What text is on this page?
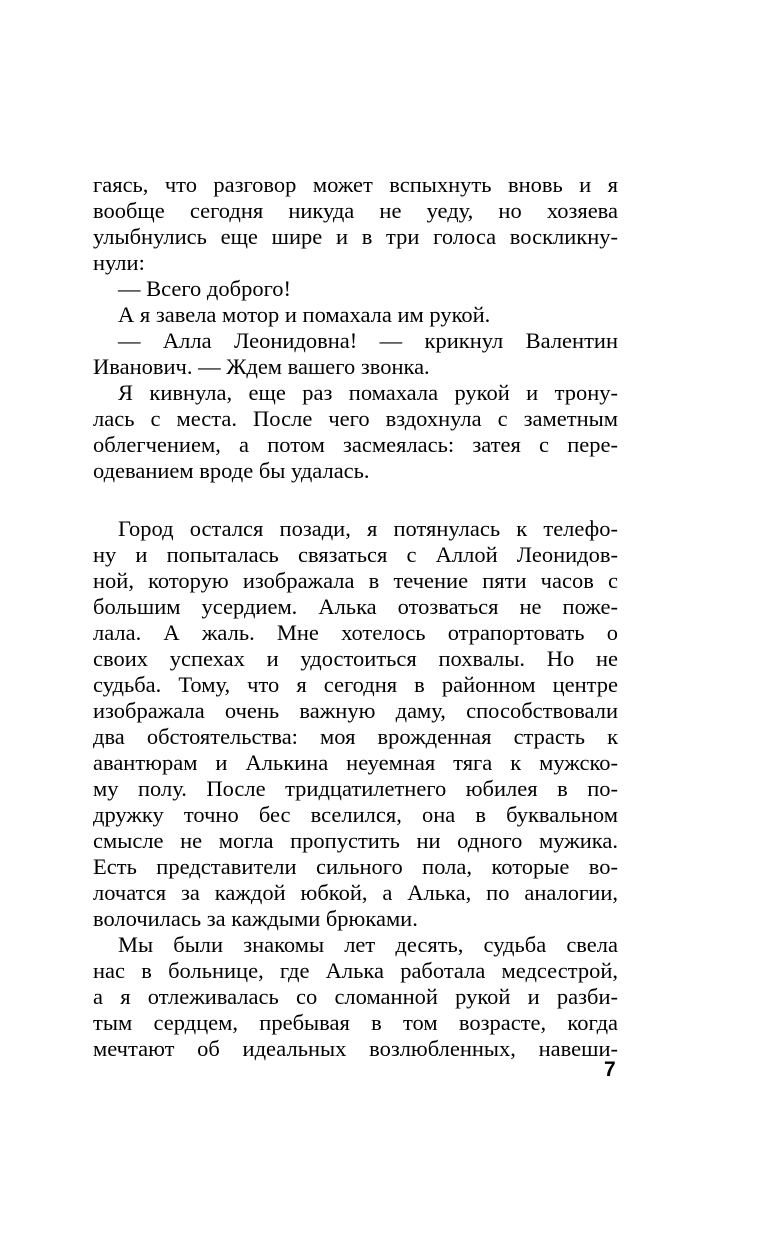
гаясь, что разговор может вспыхнуть вновь и я
вообще сегодня никуда не уеду, но хозяева
улыбнулись еще шире и в три голоса воскликну-
нули:
— Всего доброго!
А я завела мотор и помахала им рукой.
— Алла Леонидовна! — крикнул Валентин
Иванович. — Ждем вашего звонка.
Я кивнула, еще раз помахала рукой и трону-
лась с места. После чего вздохнула с заметным
облегчением, а потом засмеялась: затея с пере-
одеванием вроде бы удалась.
Город остался позади, я потянулась к телефо-
ну и попыталась связаться с Аллой Леонидов-
ной, которую изображала в течение пяти часов с
большим усердием. Алька отозваться не поже-
лала. А жаль. Мне хотелось отрапортовать о
своих успехах и удостоиться похвалы. Но не
судьба. Тому, что я сегодня в районном центре
изображала очень важную даму, способствовали
два обстоятельства: моя врожденная страсть к
авантюрам и Алькина неуемная тяга к мужско-
му полу. После тридцатилетнего юбилея в по-
дружку точно бес вселился, она в буквальном
смысле не могла пропустить ни одного мужика.
Есть представители сильного пола, которые во-
лочатся за каждой юбкой, а Алька, по аналогии,
волочилась за каждыми брюками.
Мы были знакомы лет десять, судьба свела
нас в больнице, где Алька работала медсестрой,
а я отлеживалась со сломанной рукой и разби-
тым сердцем, пребывая в том возрасте, когда
мечтают об идеальных возлюбленных, навеши-
7
